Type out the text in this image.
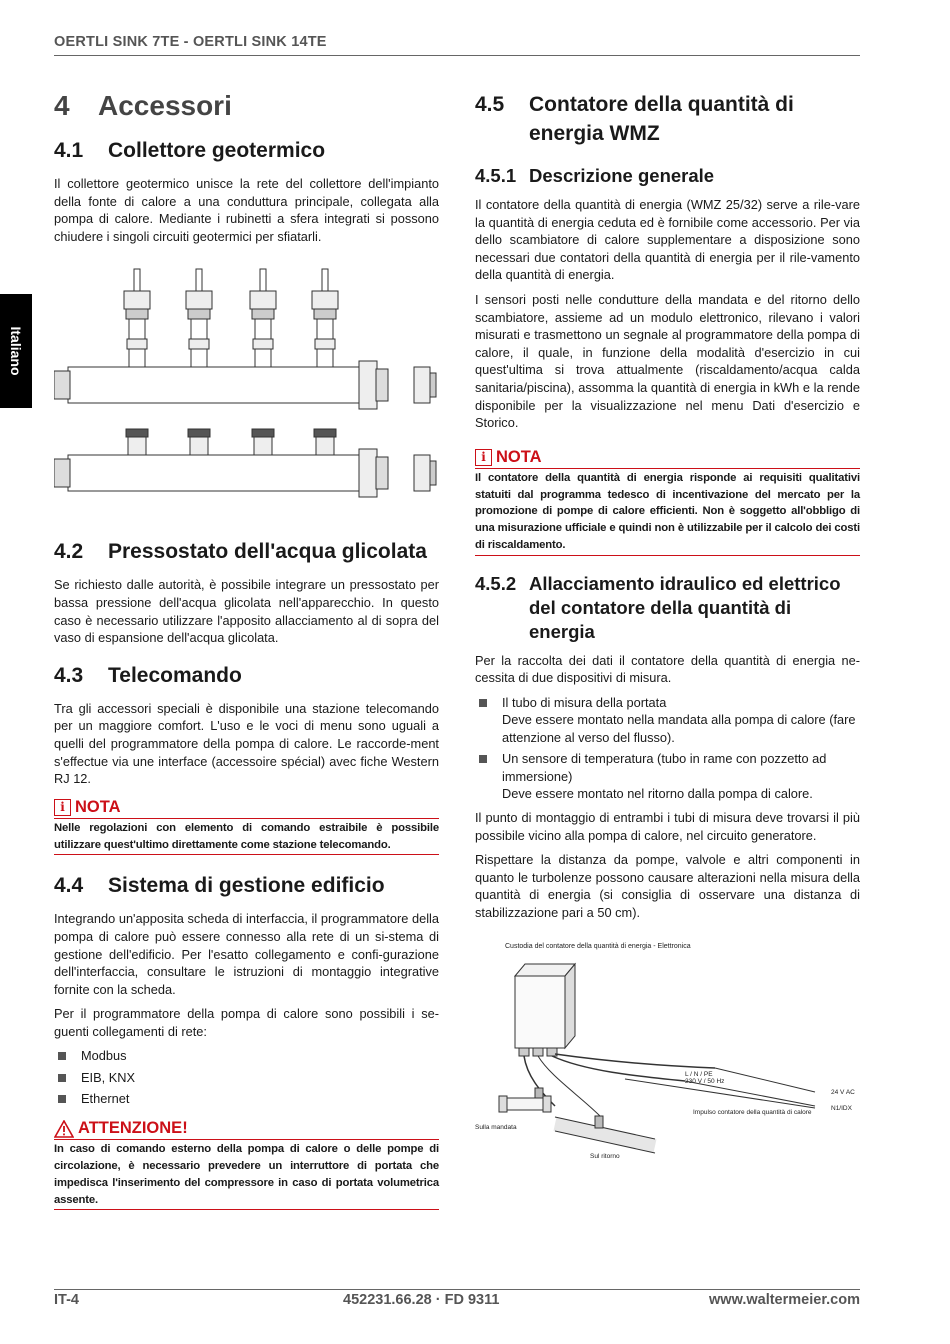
OERTLI SINK 7TE - OERTLI SINK 14TE
Italiano
4	Accessori
4.1	Collettore geotermico

Il collettore geotermico unisce la rete del collettore dell'impianto della fonte di calore a una conduttura principale, collegata alla pompa di calore. Mediante i rubinetti a sfera integrati si possono chiudere i singoli circuiti geotermici per sfiatarli.

4.2	Pressostato dell'acqua glicolata

Se richiesto dalle autorità, è possibile integrare un pressostato per bassa pressione dell'acqua glicolata nell'apparecchio. In questo caso è necessario utilizzare l'apposito allacciamento al di sopra del vaso di espansione dell'acqua glicolata.

4.3	Telecomando

Tra gli accessori speciali è disponibile una stazione telecomando per un maggiore comfort. L'uso e le voci di menu sono uguali a quelli del programmatore della pompa di calore. Le raccorde-ment s'effectue via une interface (accessoire spécial) avec fiche Western RJ 12.

i NOTA
Nelle regolazioni con elemento di comando estraibile è possibile utilizzare quest'ultimo direttamente come stazione telecomando.
4.4	Sistema di gestione edificio

Integrando un'apposita scheda di interfaccia, il programmatore della pompa di calore può essere connesso alla rete di un si-stema di gestione dell'edificio. Per l'esatto collegamento e confi-gurazione dell'interfaccia, consultare le istruzioni di montaggio integrative fornite con la scheda.

Per il programmatore della pompa di calore sono possibili i se-guenti collegamenti di rete:

Modbus
EIB, KNX
Ethernet
ATTENZIONE!
In caso di comando esterno della pompa di calore o delle pompe di circolazione, è necessario prevedere un interruttore di portata che impedisca l'inserimento del compressore in caso di portata volumetrica assente.
4.5	Contatore della quantità di energia WMZ
4.5.1 Descrizione generale

Il contatore della quantità di energia (WMZ 25/32) serve a rile-vare la quantità di energia ceduta ed è fornibile come accessorio. Per via dello scambiatore di calore supplementare a disposizione sono necessari due contatori della quantità di energia per il rile-vamento della quantità di energia.

I sensori posti nelle condutture della mandata e del ritorno dello scambiatore, assieme ad un modulo elettronico, rilevano i valori misurati e trasmettono un segnale al programmatore della pompa di calore, il quale, in funzione della modalità d'esercizio in cui quest'ultima si trova attualmente (riscaldamento/acqua calda sanitaria/piscina), assomma la quantità di energia in kWh e la rende disponibile per la visualizzazione nel menu Dati d'esercizio e Storico.

i NOTA
Il contatore della quantità di energia risponde ai requisiti qualitativi statuiti dal programma tedesco di incentivazione del mercato per la promozione di pompe di calore efficienti. Non è soggetto all'obbligo di una misurazione ufficiale e quindi non è utilizzabile per il calcolo dei costi di riscaldamento.
4.5.2 Allacciamento idraulico ed elettrico del contatore della quantità di energia

Per la raccolta dei dati il contatore della quantità di energia ne-cessita di due dispositivi di misura.

Il tubo di misura della portata
Deve essere montato nella mandata alla pompa di calore (fare attenzione al verso del flusso).
Un sensore di temperatura (tubo in rame con pozzetto ad immersione)
Deve essere montato nel ritorno dalla pompa di calore.

Il punto di montaggio di entrambi i tubi di misura deve trovarsi il più possibile vicino alla pompa di calore, nel circuito generatore.

Rispettare la distanza da pompe, valvole e altri componenti in quanto le turbolenze possono causare alterazioni nella misura della quantità di energia (si consiglia di osservare una distanza di stabilizzazione pari a 50 cm).

Custodia del contatore della quantità di energia - Elettronica
L / N / PE
230 V / 50 Hz
24 V AC
N1/IDX
Impulso contatore della quantità di calore
Sulla mandata
Sul ritorno
IT-4	452231.66.28 · FD 9311	www.waltermeier.com
